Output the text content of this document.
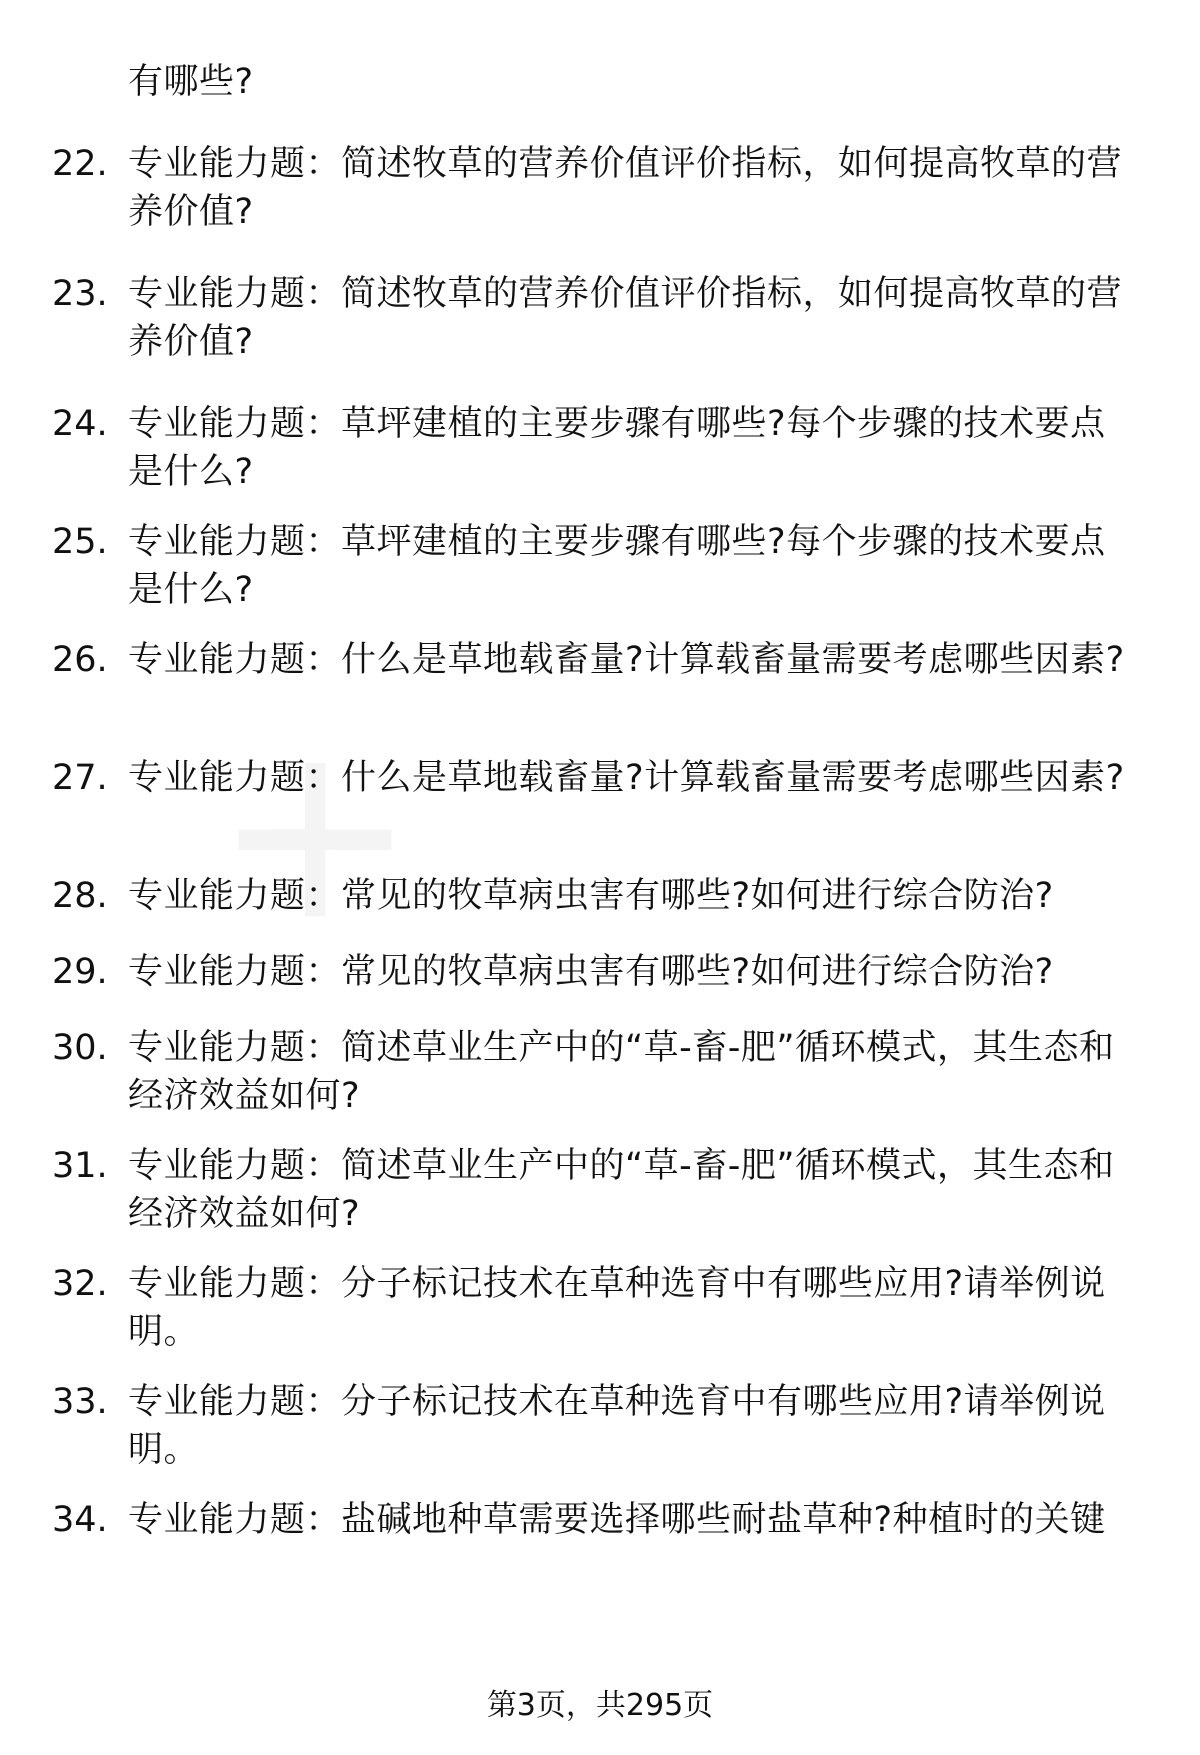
有哪些?
22. 专业能力题：简述牧草的营养价值评价指标，如何提高牧草的营养价值?
23. 专业能力题：简述牧草的营养价值评价指标，如何提高牧草的营养价值?
24. 专业能力题：草坪建植的主要步骤有哪些?每个步骤的技术要点是什么?
25. 专业能力题：草坪建植的主要步骤有哪些?每个步骤的技术要点是什么?
26. 专业能力题：什么是草地载畜量?计算载畜量需要考虑哪些因素?
27. 专业能力题：什么是草地载畜量?计算载畜量需要考虑哪些因素?
28. 专业能力题：常见的牧草病虫害有哪些?如何进行综合防治?
29. 专业能力题：常见的牧草病虫害有哪些?如何进行综合防治?
30. 专业能力题：简述草业生产中的“草-畜-肥”循环模式，其生态和经济效益如何?
31. 专业能力题：简述草业生产中的“草-畜-肥”循环模式，其生态和经济效益如何?
32. 专业能力题：分子标记技术在草种选育中有哪些应用?请举例说明。
33. 专业能力题：分子标记技术在草种选育中有哪些应用?请举例说明。
34. 专业能力题：盐碱地种草需要选择哪些耐盐草种?种植时的关键
第3页，共295页
